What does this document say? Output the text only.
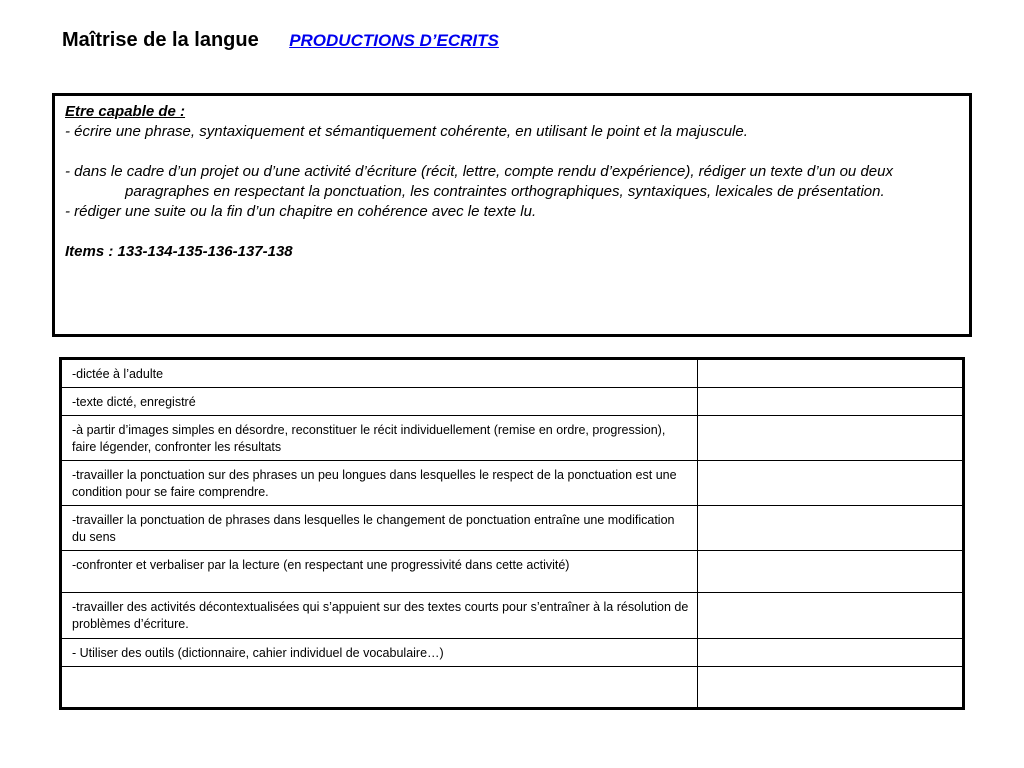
Maîtrise de la langue PRODUCTIONS D’ECRITS

Etre capable de :

- écrire une phrase, syntaxiquement et sémantiquement cohérente, en utilisant le point et la majuscule.

- dans le cadre d’un projet ou d’une activité d’écriture (récit, lettre, compte rendu d’expérience), rédiger un texte d’un ou deux paragraphes en respectant la ponctuation, les contraintes orthographiques, syntaxiques, lexicales de présentation.

- rédiger une suite ou la fin d’un chapitre en cohérence avec le texte lu.

Items : 133-134-135-136-137-138

-dictée à l’adulte	
-texte dicté, enregistré	
-à partir d’images simples en désordre, reconstituer le récit individuellement (remise en ordre, progression), faire légender, confronter les résultats	
-travailler la ponctuation sur des phrases un peu longues dans lesquelles le respect de la ponctuation est une condition pour se faire comprendre.	
-travailler la ponctuation de phrases dans lesquelles le changement de ponctuation entraîne une modification du sens	
-confronter et verbaliser par la lecture (en respectant une progressivité dans cette activité)	
-travailler des activités décontextualisées qui s’appuient sur des textes courts pour s’entraîner à la résolution de problèmes d’écriture.	
- Utiliser des outils (dictionnaire, cahier individuel de vocabulaire…)	
